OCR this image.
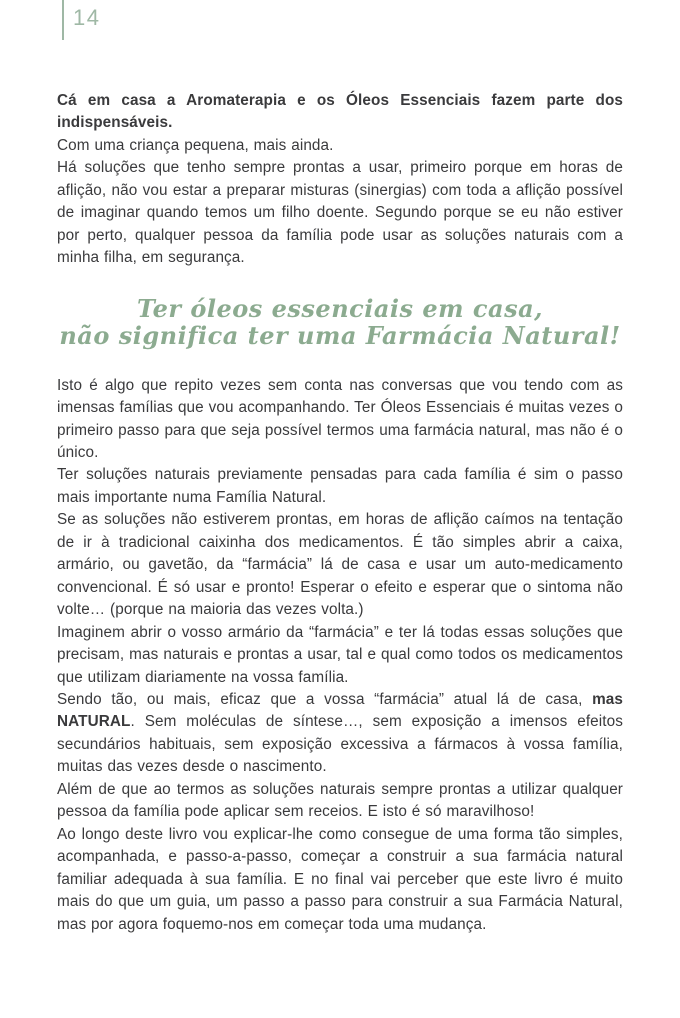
14

Cá em casa a Aromaterapia e os Óleos Essenciais fazem parte dos indispensáveis.

Com uma criança pequena, mais ainda.

Há soluções que tenho sempre prontas a usar, primeiro porque em horas de aflição, não vou estar a preparar misturas (sinergias) com toda a aflição possível de imaginar quando temos um filho doente. Segundo porque se eu não estiver por perto, qualquer pessoa da família pode usar as soluções naturais com a minha filha, em segurança.

Ter óleos essenciais em casa,
não significa ter uma Farmácia Natural!

Isto é algo que repito vezes sem conta nas conversas que vou tendo com as imensas famílias que vou acompanhando. Ter Óleos Essenciais é muitas vezes o primeiro passo para que seja possível termos uma farmácia natural, mas não é o único.

Ter soluções naturais previamente pensadas para cada família é sim o passo mais importante numa Família Natural.

Se as soluções não estiverem prontas, em horas de aflição caímos na tentação de ir à tradicional caixinha dos medicamentos. É tão simples abrir a caixa, armário, ou gavetão, da “farmácia” lá de casa e usar um auto-medicamento convencional. É só usar e pronto! Esperar o efeito e esperar que o sintoma não volte… (porque na maioria das vezes volta.)

Imaginem abrir o vosso armário da “farmácia” e ter lá todas essas soluções que precisam, mas naturais e prontas a usar, tal e qual como todos os medicamentos que utilizam diariamente na vossa família.

Sendo tão, ou mais, eficaz que a vossa “farmácia” atual lá de casa, mas NATURAL. Sem moléculas de síntese…, sem exposição a imensos efeitos secundários habituais, sem exposição excessiva a fármacos à vossa família, muitas das vezes desde o nascimento.

Além de que ao termos as soluções naturais sempre prontas a utilizar qualquer pessoa da família pode aplicar sem receios. E isto é só maravilhoso!

Ao longo deste livro vou explicar-lhe como consegue de uma forma tão simples, acompanhada, e passo-a-passo, começar a construir a sua farmácia natural familiar adequada à sua família. E no final vai perceber que este livro é muito mais do que um guia, um passo a passo para construir a sua Farmácia Natural, mas por agora foquemo-nos em começar toda uma mudança.
